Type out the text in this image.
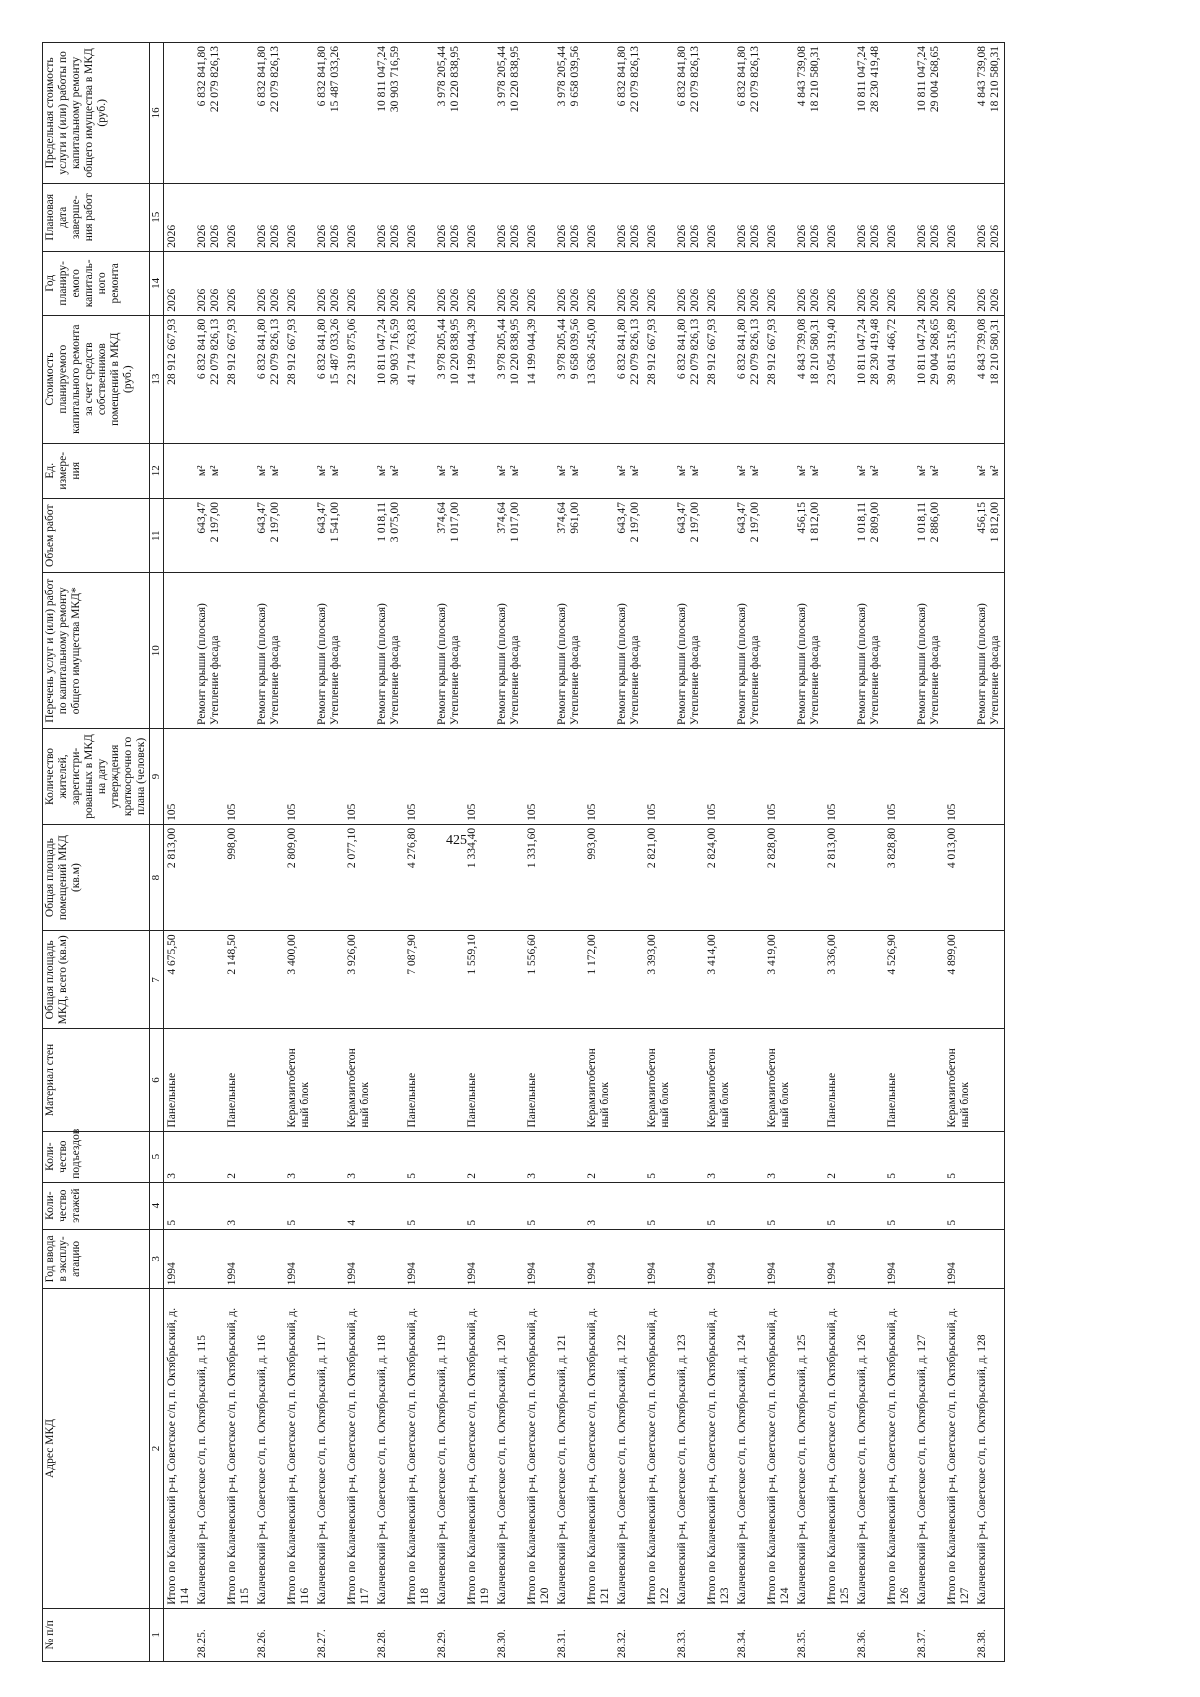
425
№ п/п	Адрес МКД	Год ввода в эксплу-атацию	Коли-чество этажей	Коли-чество подъездов	Материал стен	Общая площадь МКД, всего (кв.м)	Общая площадь помещений МКД (кв.м)	Количество жителей, зарегистри-рованных в МКД на дату утверждения краткосрочно го плана (человек)	Перечень услуг и (или) работ по капитальному ремонту общего имущества МКД*	Объем работ	Ед. измере-ния	Стоимость планируемого капитального ремонта за счет средств собственников помещений в МКД (руб.)	Год планиру-емого капиталь-ного ремонта	Плановая дата заверше-ния работ	Предельная стоимость услуги и (или) работы по капитальному ремонту общего имущества в МКД (руб.)
1	2	3	4	5	6	7	8	9	10	11	12	13	14	15	16
	Итого по Калачевский р-н, Советское с/п, п. Октябрьский, д. 114	1994	5	3	Панельные	4 675,50	2 813,00	105				28 912 667,93	2026	2026	

28.25.	Калачевский р-н, Советское с/п, п. Октябрьский, д. 115								Ремонт крыши (плоская) Утепление фасада	643,47 2 197,00	м² м²	6 832 841,80 22 079 826,13	2026 2026	2026 2026	6 832 841,80 22 079 826,13

	Итого по Калачевский р-н, Советское с/п, п. Октябрьский, д. 115	1994	3	2	Панельные	2 148,50	998,00	105				28 912 667,93	2026	2026	

28.26.	Калачевский р-н, Советское с/п, п. Октябрьский, д. 116								Ремонт крыши (плоская) Утепление фасада	643,47 2 197,00	м² м²	6 832 841,80 22 079 826,13	2026 2026	2026 2026	6 832 841,80 22 079 826,13

	Итого по Калачевский р-н, Советское с/п, п. Октябрьский, д. 116	1994	5	3	Керамзитобетон ный блок	3 400,00	2 809,00	105				28 912 667,93	2026	2026	

28.27.	Калачевский р-н, Советское с/п, п. Октябрьский, д. 117								Ремонт крыши (плоская) Утепление фасада	643,47 1 541,00	м² м²	6 832 841,80 15 487 033,26	2026 2026	2026 2026	6 832 841,80 15 487 033,26

	Итого по Калачевский р-н, Советское с/п, п. Октябрьский, д. 117	1994	4	3	Керамзитобетон ный блок	3 926,00	2 077,10	105				22 319 875,06	2026	2026	

28.28.	Калачевский р-н, Советское с/п, п. Октябрьский, д. 118								Ремонт крыши (плоская) Утепление фасада	1 018,11 3 075,00	м² м²	10 811 047,24 30 903 716,59	2026 2026	2026 2026	10 811 047,24 30 903 716,59

	Итого по Калачевский р-н, Советское с/п, п. Октябрьский, д. 118	1994	5	5	Панельные	7 087,90	4 276,80	105				41 714 763,83	2026	2026	

28.29.	Калачевский р-н, Советское с/п, п. Октябрьский, д. 119								Ремонт крыши (плоская) Утепление фасада	374,64 1 017,00	м² м²	3 978 205,44 10 220 838,95	2026 2026	2026 2026	3 978 205,44 10 220 838,95

	Итого по Калачевский р-н, Советское с/п, п. Октябрьский, д. 119	1994	5	2	Панельные	1 559,10	1 334,40	105				14 199 044,39	2026	2026	

28.30.	Калачевский р-н, Советское с/п, п. Октябрьский, д. 120								Ремонт крыши (плоская) Утепление фасада	374,64 1 017,00	м² м²	3 978 205,44 10 220 838,95	2026 2026	2026 2026	3 978 205,44 10 220 838,95

	Итого по Калачевский р-н, Советское с/п, п. Октябрьский, д. 120	1994	5	3	Панельные	1 556,60	1 331,60	105				14 199 044,39	2026	2026	

28.31.	Калачевский р-н, Советское с/п, п. Октябрьский, д. 121								Ремонт крыши (плоская) Утепление фасада	374,64 961,00	м² м²	3 978 205,44 9 658 039,56	2026 2026	2026 2026	3 978 205,44 9 658 039,56

	Итого по Калачевский р-н, Советское с/п, п. Октябрьский, д. 121	1994	3	2	Керамзитобетон ный блок	1 172,00	993,00	105				13 636 245,00	2026	2026	

28.32.	Калачевский р-н, Советское с/п, п. Октябрьский, д. 122								Ремонт крыши (плоская) Утепление фасада	643,47 2 197,00	м² м²	6 832 841,80 22 079 826,13	2026 2026	2026 2026	6 832 841,80 22 079 826,13

	Итого по Калачевский р-н, Советское с/п, п. Октябрьский, д. 122	1994	5	5	Керамзитобетон ный блок	3 393,00	2 821,00	105				28 912 667,93	2026	2026	

28.33.	Калачевский р-н, Советское с/п, п. Октябрьский, д. 123								Ремонт крыши (плоская) Утепление фасада	643,47 2 197,00	м² м²	6 832 841,80 22 079 826,13	2026 2026	2026 2026	6 832 841,80 22 079 826,13

	Итого по Калачевский р-н, Советское с/п, п. Октябрьский, д. 123	1994	5	3	Керамзитобетон ный блок	3 414,00	2 824,00	105				28 912 667,93	2026	2026	

28.34.	Калачевский р-н, Советское с/п, п. Октябрьский, д. 124								Ремонт крыши (плоская) Утепление фасада	643,47 2 197,00	м² м²	6 832 841,80 22 079 826,13	2026 2026	2026 2026	6 832 841,80 22 079 826,13

	Итого по Калачевский р-н, Советское с/п, п. Октябрьский, д. 124	1994	5	3	Керамзитобетон ный блок	3 419,00	2 828,00	105				28 912 667,93	2026	2026	

28.35.	Калачевский р-н, Советское с/п, п. Октябрьский, д. 125								Ремонт крыши (плоская) Утепление фасада	456,15 1 812,00	м² м²	4 843 739,08 18 210 580,31	2026 2026	2026 2026	4 843 739,08 18 210 580,31

	Итого по Калачевский р-н, Советское с/п, п. Октябрьский, д. 125	1994	5	2	Панельные	3 336,00	2 813,00	105				23 054 319,40	2026	2026	

28.36.	Калачевский р-н, Советское с/п, п. Октябрьский, д. 126								Ремонт крыши (плоская) Утепление фасада	1 018,11 2 809,00	м² м²	10 811 047,24 28 230 419,48	2026 2026	2026 2026	10 811 047,24 28 230 419,48

	Итого по Калачевский р-н, Советское с/п, п. Октябрьский, д. 126	1994	5	5	Панельные	4 526,90	3 828,80	105				39 041 466,72	2026	2026	

28.37.	Калачевский р-н, Советское с/п, п. Октябрьский, д. 127								Ремонт крыши (плоская) Утепление фасада	1 018,11 2 886,00	м² м²	10 811 047,24 29 004 268,65	2026 2026	2026 2026	10 811 047,24 29 004 268,65

	Итого по Калачевский р-н, Советское с/п, п. Октябрьский, д. 127	1994	5	5	Керамзитобетон ный блок	4 899,00	4 013,00	105				39 815 315,89	2026	2026	

28.38.	Калачевский р-н, Советское с/п, п. Октябрьский, д. 128								Ремонт крыши (плоская) Утепление фасада	456,15 1 812,00	м² м²	4 843 739,08 18 210 580,31	2026 2026	2026 2026	4 843 739,08 18 210 580,31
